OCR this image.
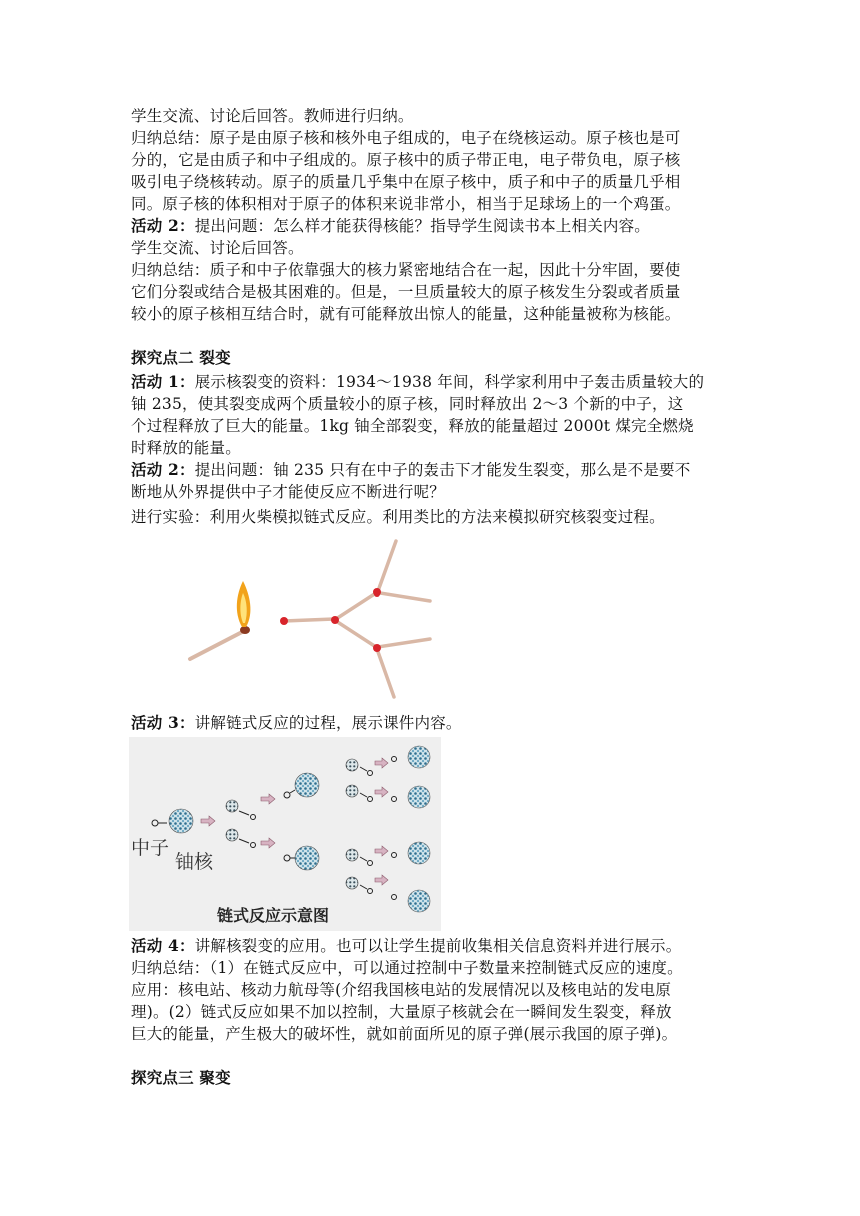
学生交流、讨论后回答。教师进行归纳。
归纳总结：原子是由原子核和核外电子组成的，电子在绕核运动。原子核也是可
分的，它是由质子和中子组成的。原子核中的质子带正电，电子带负电，原子核
吸引电子绕核转动。原子的质量几乎集中在原子核中，质子和中子的质量几乎相
同。原子核的体积相对于原子的体积来说非常小，相当于足球场上的一个鸡蛋。
活动 2：提出问题：怎么样才能获得核能？指导学生阅读书本上相关内容。
学生交流、讨论后回答。
归纳总结：质子和中子依靠强大的核力紧密地结合在一起，因此十分牢固，要使
它们分裂或结合是极其困难的。但是，一旦质量较大的原子核发生分裂或者质量
较小的原子核相互结合时，就有可能释放出惊人的能量，这种能量被称为核能。
探究点二 裂变
活动 1：展示核裂变的资料：1934～1938 年间，科学家利用中子轰击质量较大的
铀 235，使其裂变成两个质量较小的原子核，同时释放出 2～3 个新的中子，这
个过程释放了巨大的能量。1kg 铀全部裂变，释放的能量超过 2000t 煤完全燃烧
时释放的能量。
活动 2：提出问题：铀 235 只有在中子的轰击下才能发生裂变，那么是不是要不
断地从外界提供中子才能使反应不断进行呢？
进行实验：利用火柴模拟链式反应。利用类比的方法来模拟研究核裂变过程。
活动 3：讲解链式反应的过程，展示课件内容。
中子
铀核
链式反应示意图
活动 4：讲解核裂变的应用。也可以让学生提前收集相关信息资料并进行展示。
归纳总结：（1）在链式反应中，可以通过控制中子数量来控制链式反应的速度。
应用：核电站、核动力航母等(介绍我国核电站的发展情况以及核电站的发电原
理)。(2）链式反应如果不加以控制，大量原子核就会在一瞬间发生裂变，释放
巨大的能量，产生极大的破坏性，就如前面所见的原子弹(展示我国的原子弹)。
探究点三 聚变
